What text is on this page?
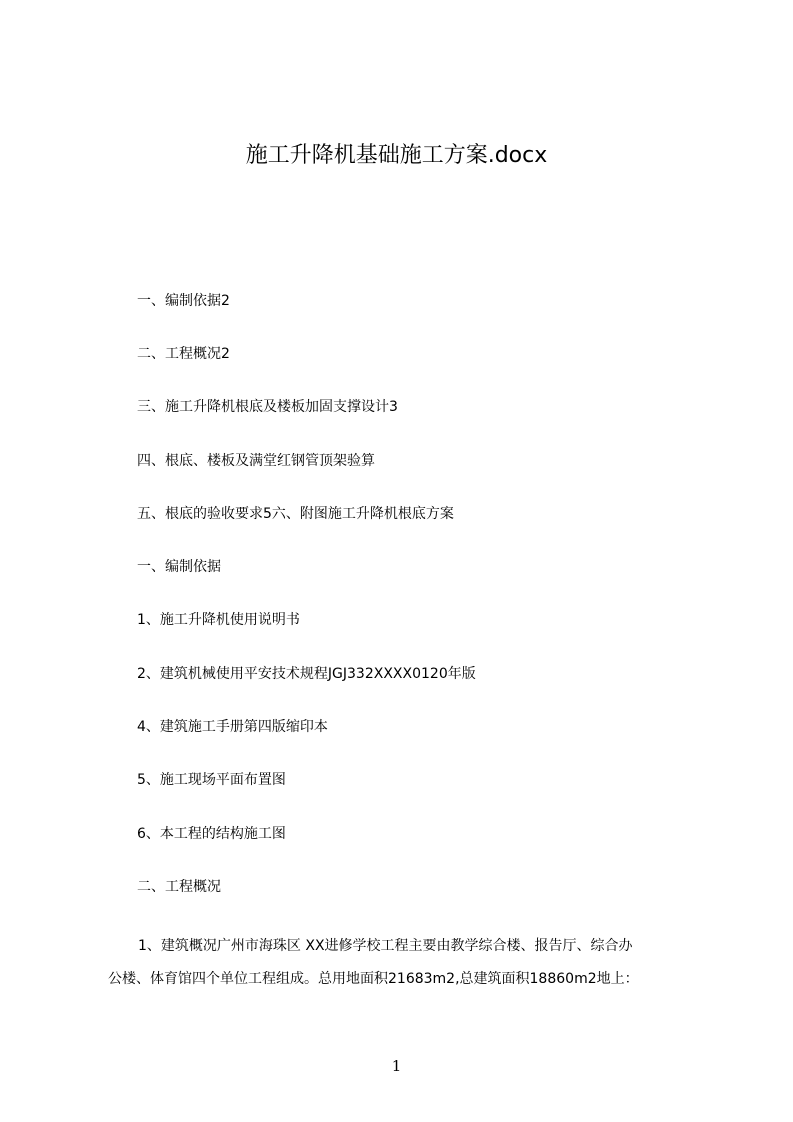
施工升降机基础施工方案.docx
一、编制依据2
二、工程概况2
三、施工升降机根底及楼板加固支撑设计3
四、根底、楼板及满堂红钢管顶架验算
五、根底的验收要求5六、附图施工升降机根底方案
一、编制依据
1、施工升降机使用说明书
2、建筑机械使用平安技术规程JGJ332XXXX0120年版
4、建筑施工手册第四版缩印本
5、施工现场平面布置图
6、本工程的结构施工图
二、工程概况
1、建筑概况广州市海珠区 XX进修学校工程主要由教学综合楼、报告厅、综合办
公楼、体育馆四个单位工程组成。总用地面积21683m2,总建筑面积18860m2地上：
1
